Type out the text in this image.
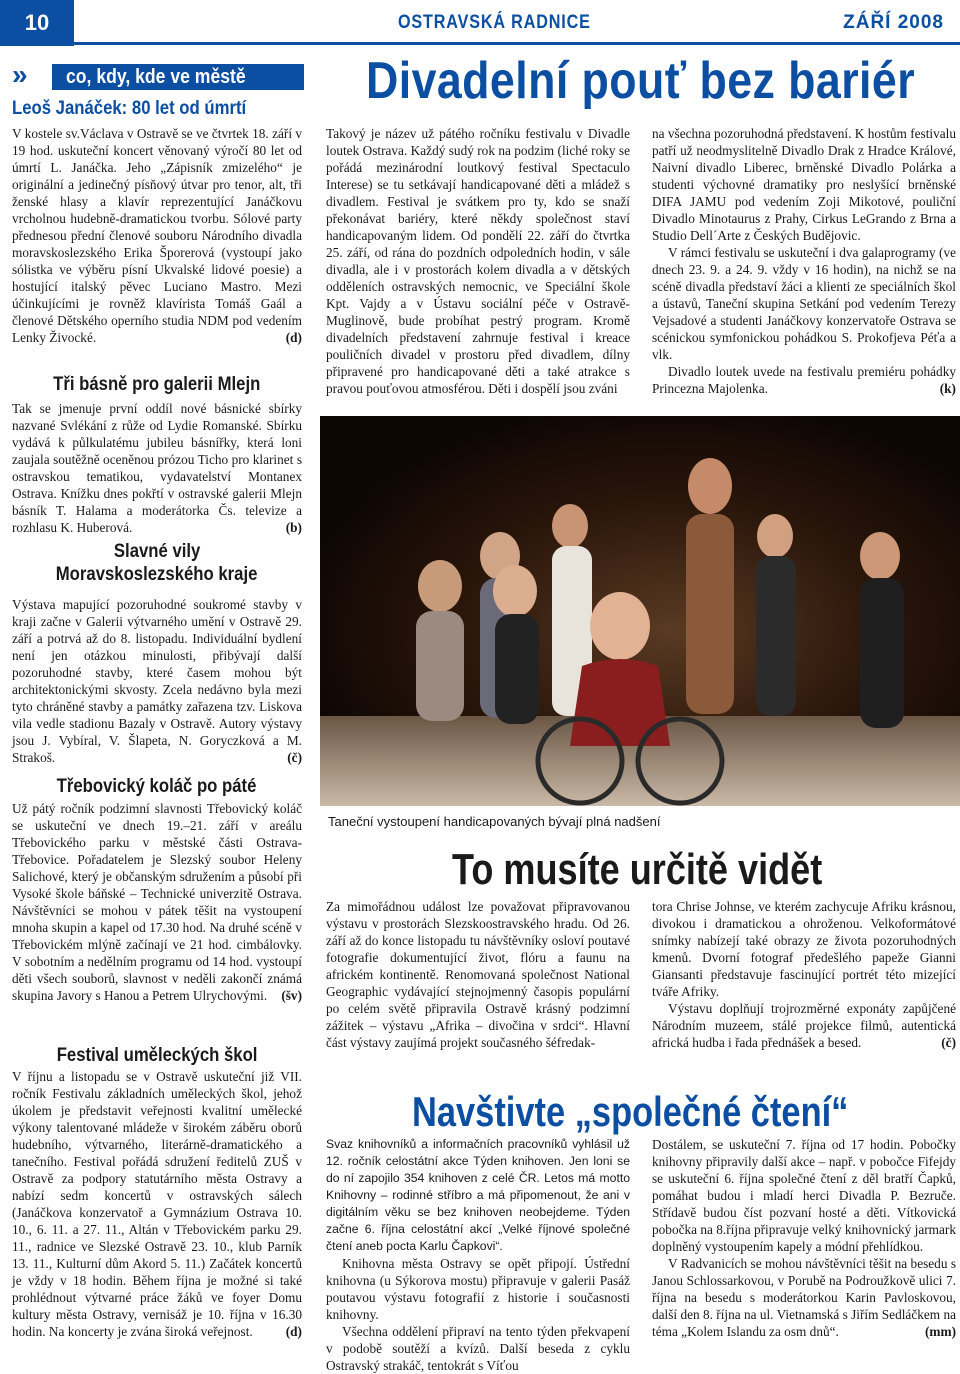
10	OSTRAVSKÁ RADNICE	ZÁŘÍ 2008
» co, kdy, kde ve městě
Leoš Janáček: 80 let od úmrtí

V kostele sv.Václava v Ostravě se ve čtvrtek 18. září v 19 hod. uskuteční koncert věnovaný výročí 80 let od úmrtí L. Janáčka. Jeho „Zápisník zmizelého“ je originální a jedinečný písňový útvar pro tenor, alt, tři ženské hlasy a klavír reprezentující Janáčkovu vrcholnou hudebně-dramatickou tvorbu. Sólové party přednesou přední členové souboru Národního divadla moravskoslezského Erika Šporerová (vystoupí jako sólistka ve výběru písní Ukvalské lidové poesie) a hostující italský pěvec Luciano Mastro. Mezi účinkujícími je rovněž klavírista Tomáš Gaál a členové Dětského operního studia NDM pod vedením Lenky Živocké.	(d)

Tři básně pro galerii Mlejn

Tak se jmenuje první oddíl nové básnické sbírky nazvané Svlékání z růže od Lydie Romanské. Sbírku vydává k půlkulatému jubileu básnířky, která loni zaujala soutěžně oceněnou prózou Ticho pro klarinet s ostravskou tematikou, vydavatelství Montanex Ostrava. Knížku dnes pokřtí v ostravské galerii Mlejn básník T. Halama a moderátorka Čs. televize a rozhlasu K. Huberová.	(b)

Slavné vily
Moravskoslezského kraje

Výstava mapující pozoruhodné soukromé stavby v kraji začne v Galerii výtvarného umění v Ostravě 29. září a potrvá až do 8. listopadu. Individuální bydlení není jen otázkou minulosti, přibývají další pozoruhodné stavby, které časem mohou být architektonickými skvosty. Zcela nedávno byla mezi tyto chráněné stavby a památky zařazena tzv. Liskova vila vedle stadionu Bazaly v Ostravě. Autory výstavy jsou J. Vybíral, V. Šlapeta, N. Goryczková a M. Strakoš.	(č)

Třebovický koláč po páté

Už pátý ročník podzimní slavnosti Třebovický koláč se uskuteční ve dnech 19.–21. září v areálu Třebovického parku v městské části Ostrava-Třebovice. Pořadatelem je Slezský soubor Heleny Salichové, který je občanským sdružením a působí při Vysoké škole báňské – Technické univerzitě Ostrava. Návštěvníci se mohou v pátek těšit na vystoupení mnoha skupin a kapel od 17.30 hod. Na druhé scéně v Třebovickém mlýně začínají ve 21 hod. cimbálovky. V sobotním a nedělním programu od 14 hod. vystoupí děti všech souborů, slavnost v neděli zakončí známá skupina Javory s Hanou a Petrem Ulrychovými. (šv)

Festival uměleckých škol

V říjnu a listopadu se v Ostravě uskuteční již VII. ročník Festivalu základních uměleckých škol, jehož úkolem je představit veřejnosti kvalitní umělecké výkony talentované mládeže v širokém záběru oborů hudebního, výtvarného, literárně-dramatického a tanečního. Festival pořádá sdružení ředitelů ZUŠ v Ostravě za podpory statutárního města Ostravy a nabízí sedm koncertů v ostravských sálech (Janáčkova konzervatoř a Gymnázium Ostrava 10. 10., 6. 11. a 27. 11., Altán v Třebovickém parku 29. 11., radnice ve Slezské Ostravě 23. 10., klub Parník 13. 11., Kulturní dům Akord 5. 11.) Začátek koncertů je vždy v 18 hodin. Během října je možné si také prohlédnout výtvarné práce žáků ve foyer Domu kultury města Ostravy, vernisáž je 10. října v 16.30 hodin. Na koncerty je zvána široká veřejnost. (d)

Divadelní pouť bez bariér

Takový je název už pátého ročníku festivalu v Divadle loutek Ostrava. Každý sudý rok na podzim (liché roky se pořádá mezinárodní loutkový festival Spectaculo Interese) se tu setkávají handicapované děti a mládež s divadlem. Festival je svátkem pro ty, kdo se snaží překonávat bariéry, které někdy společnost staví handicapovaným lidem. Od pondělí 22. září do čtvrtka 25. září, od rána do pozdních odpoledních hodin, v sále divadla, ale i v prostorách kolem divadla a v dětských odděleních ostravských nemocnic, ve Speciální škole Kpt. Vajdy a v Ústavu sociální péče v Ostravě-Muglinově, bude probíhat pestrý program. Kromě divadelních představení zahrnuje festival i kreace pouličních divadel v prostoru před divadlem, dílny připravené pro handicapované děti a také atrakce s pravou pouťovou atmosférou. Děti i dospělí jsou zváni

na všechna pozoruhodná představení. K hostům festivalu patří už neodmyslitelně Divadlo Drak z Hradce Králové, Naivní divadlo Liberec, brněnské Divadlo Polárka a studenti výchovné dramatiky pro neslyšící brněnské DIFA JAMU pod vedením Zoji Mikotové, pouliční Divadlo Minotaurus z Prahy, Cirkus LeGrando z Brna a Studio Dell´Arte z Českých Budějovic.

V rámci festivalu se uskuteční i dva galaprogramy (ve dnech 23. 9. a 24. 9. vždy v 16 hodin), na nichž se na scéně divadla představí žáci a klienti ze speciálních škol a ústavů, Taneční skupina Setkání pod vedením Terezy Vejsadové a studenti Janáčkovy konzervatoře Ostrava se scénickou symfonickou pohádkou S. Prokofjeva Péťa a vlk.

Divadlo loutek uvede na festivalu premiéru pohádky Princezna Majolenka.	(k)

Taneční vystoupení handicapovaných bývají plná nadšení
To musíte určitě vidět

Za mimořádnou událost lze považovat připravovanou výstavu v prostorách Slezskoostravského hradu. Od 26. září až do konce listopadu tu návštěvníky osloví poutavé fotografie dokumentující život, flóru a faunu na africkém kontinentě. Renomovaná společnost National Geographic vydávající stejnojmenný časopis populární po celém světě připravila Ostravě krásný podzimní zážitek – výstavu „Afrika – divočina v srdci“. Hlavní část výstavy zaujímá projekt současného šéfredak-

tora Chrise Johnse, ve kterém zachycuje Afriku krásnou, divokou i dramatickou a ohroženou. Velkoformátové snímky nabízejí také obrazy ze života pozoruhodných kmenů. Dvorní fotograf předešlého papeže Gianni Giansanti představuje fascinující portrét této mizející tváře Afriky.

Výstavu doplňují trojrozměrné exponáty zapůjčené Národním muzeem, stálé projekce filmů, autentická africká hudba i řada přednášek a besed.	(č)

Navštivte „společné čtení“

Svaz knihovníků a informačních pracovníků vyhlásil už 12. ročník celostátní akce Týden knihoven. Jen loni se do ní zapojilo 354 knihoven z celé ČR. Letos má motto Knihovny – rodinné stříbro a má připomenout, že ani v digitálním věku se bez knihoven neobejdeme. Týden začne 6. října celostátní akcí „Velké říjnové společné čtení aneb pocta Karlu Čapkovi“.

Knihovna města Ostravy se opět připojí. Ústřední knihovna (u Sýkorova mostu) připravuje v galerii Pasáž poutavou výstavu fotografií z historie i současnosti knihovny.

Všechna oddělení připraví na tento týden překvapení v podobě soutěží a kvízů. Další beseda z cyklu Ostravský strakáč, tentokrát s Víťou

Dostálem, se uskuteční 7. října od 17 hodin. Pobočky knihovny připravily další akce – např. v pobočce Fifejdy se uskuteční 6. října společné čtení z děl bratří Čapků, pomáhat budou i mladí herci Divadla P. Bezruče. Střídavě budou číst pozvaní hosté a děti. Vítkovická pobočka na 8.října připravuje velký knihovnický jarmark doplněný vystoupením kapely a módní přehlídkou.

V Radvanicích se mohou návštěvníci těšit na besedu s Janou Schlossarkovou, v Porubě na Podroužkově ulici 7. října na besedu s moderátorkou Karin Pavloskovou, další den 8. října na ul. Vietnamská s Jiřím Sedláčkem na téma „Kolem Islandu za osm dnů“.	(mm)
